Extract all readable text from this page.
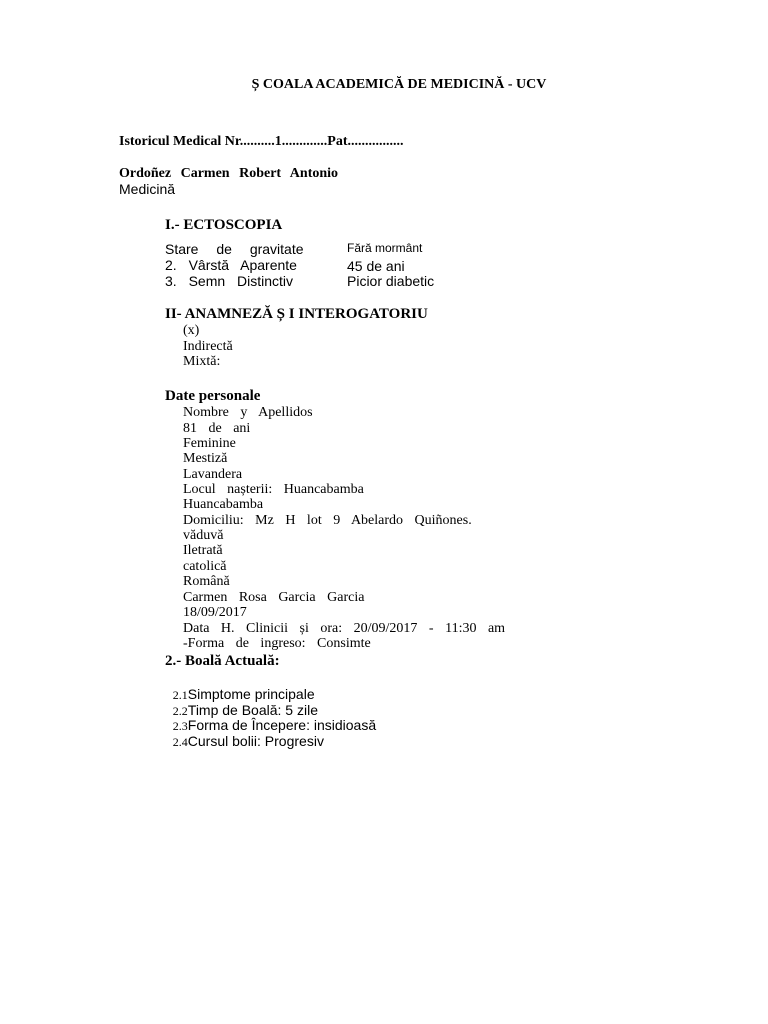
Ș COALA ACADEMICĂ DE MEDICINĂ - UCV
Istoricul Medical Nr..........1.............Pat................
Ordoñez Carmen Robert Antonio
Medicină
I.- ECTOSCOPIA
Stare de gravitate	Fără mormânt
2. Vârstă Aparente	45 de ani
3. Semn Distinctiv	Picior diabetic
II- ANAMNEZĂ Ș I INTEROGATORIU
(x)
Indirectă
Mixtă:
Date personale
Nombre y Apellidos
81 de ani
Feminine
Mestiză
Lavandera
Locul nașterii: Huancabamba
Huancabamba
Domiciliu: Mz H lot 9 Abelardo Quiñones.
văduvă
Iletrată
catolică
Română
Carmen Rosa Garcia Garcia
18/09/2017
Data H. Clinicii și ora: 20/09/2017 - 11:30 am
-Forma de ingreso: Consimte
2.- Boală Actuală:

2.1Simptome principale

2.2Timp de Boală: 5 zile

2.3Forma de Începere: insidioasă

2.4Cursul bolii: Progresiv
